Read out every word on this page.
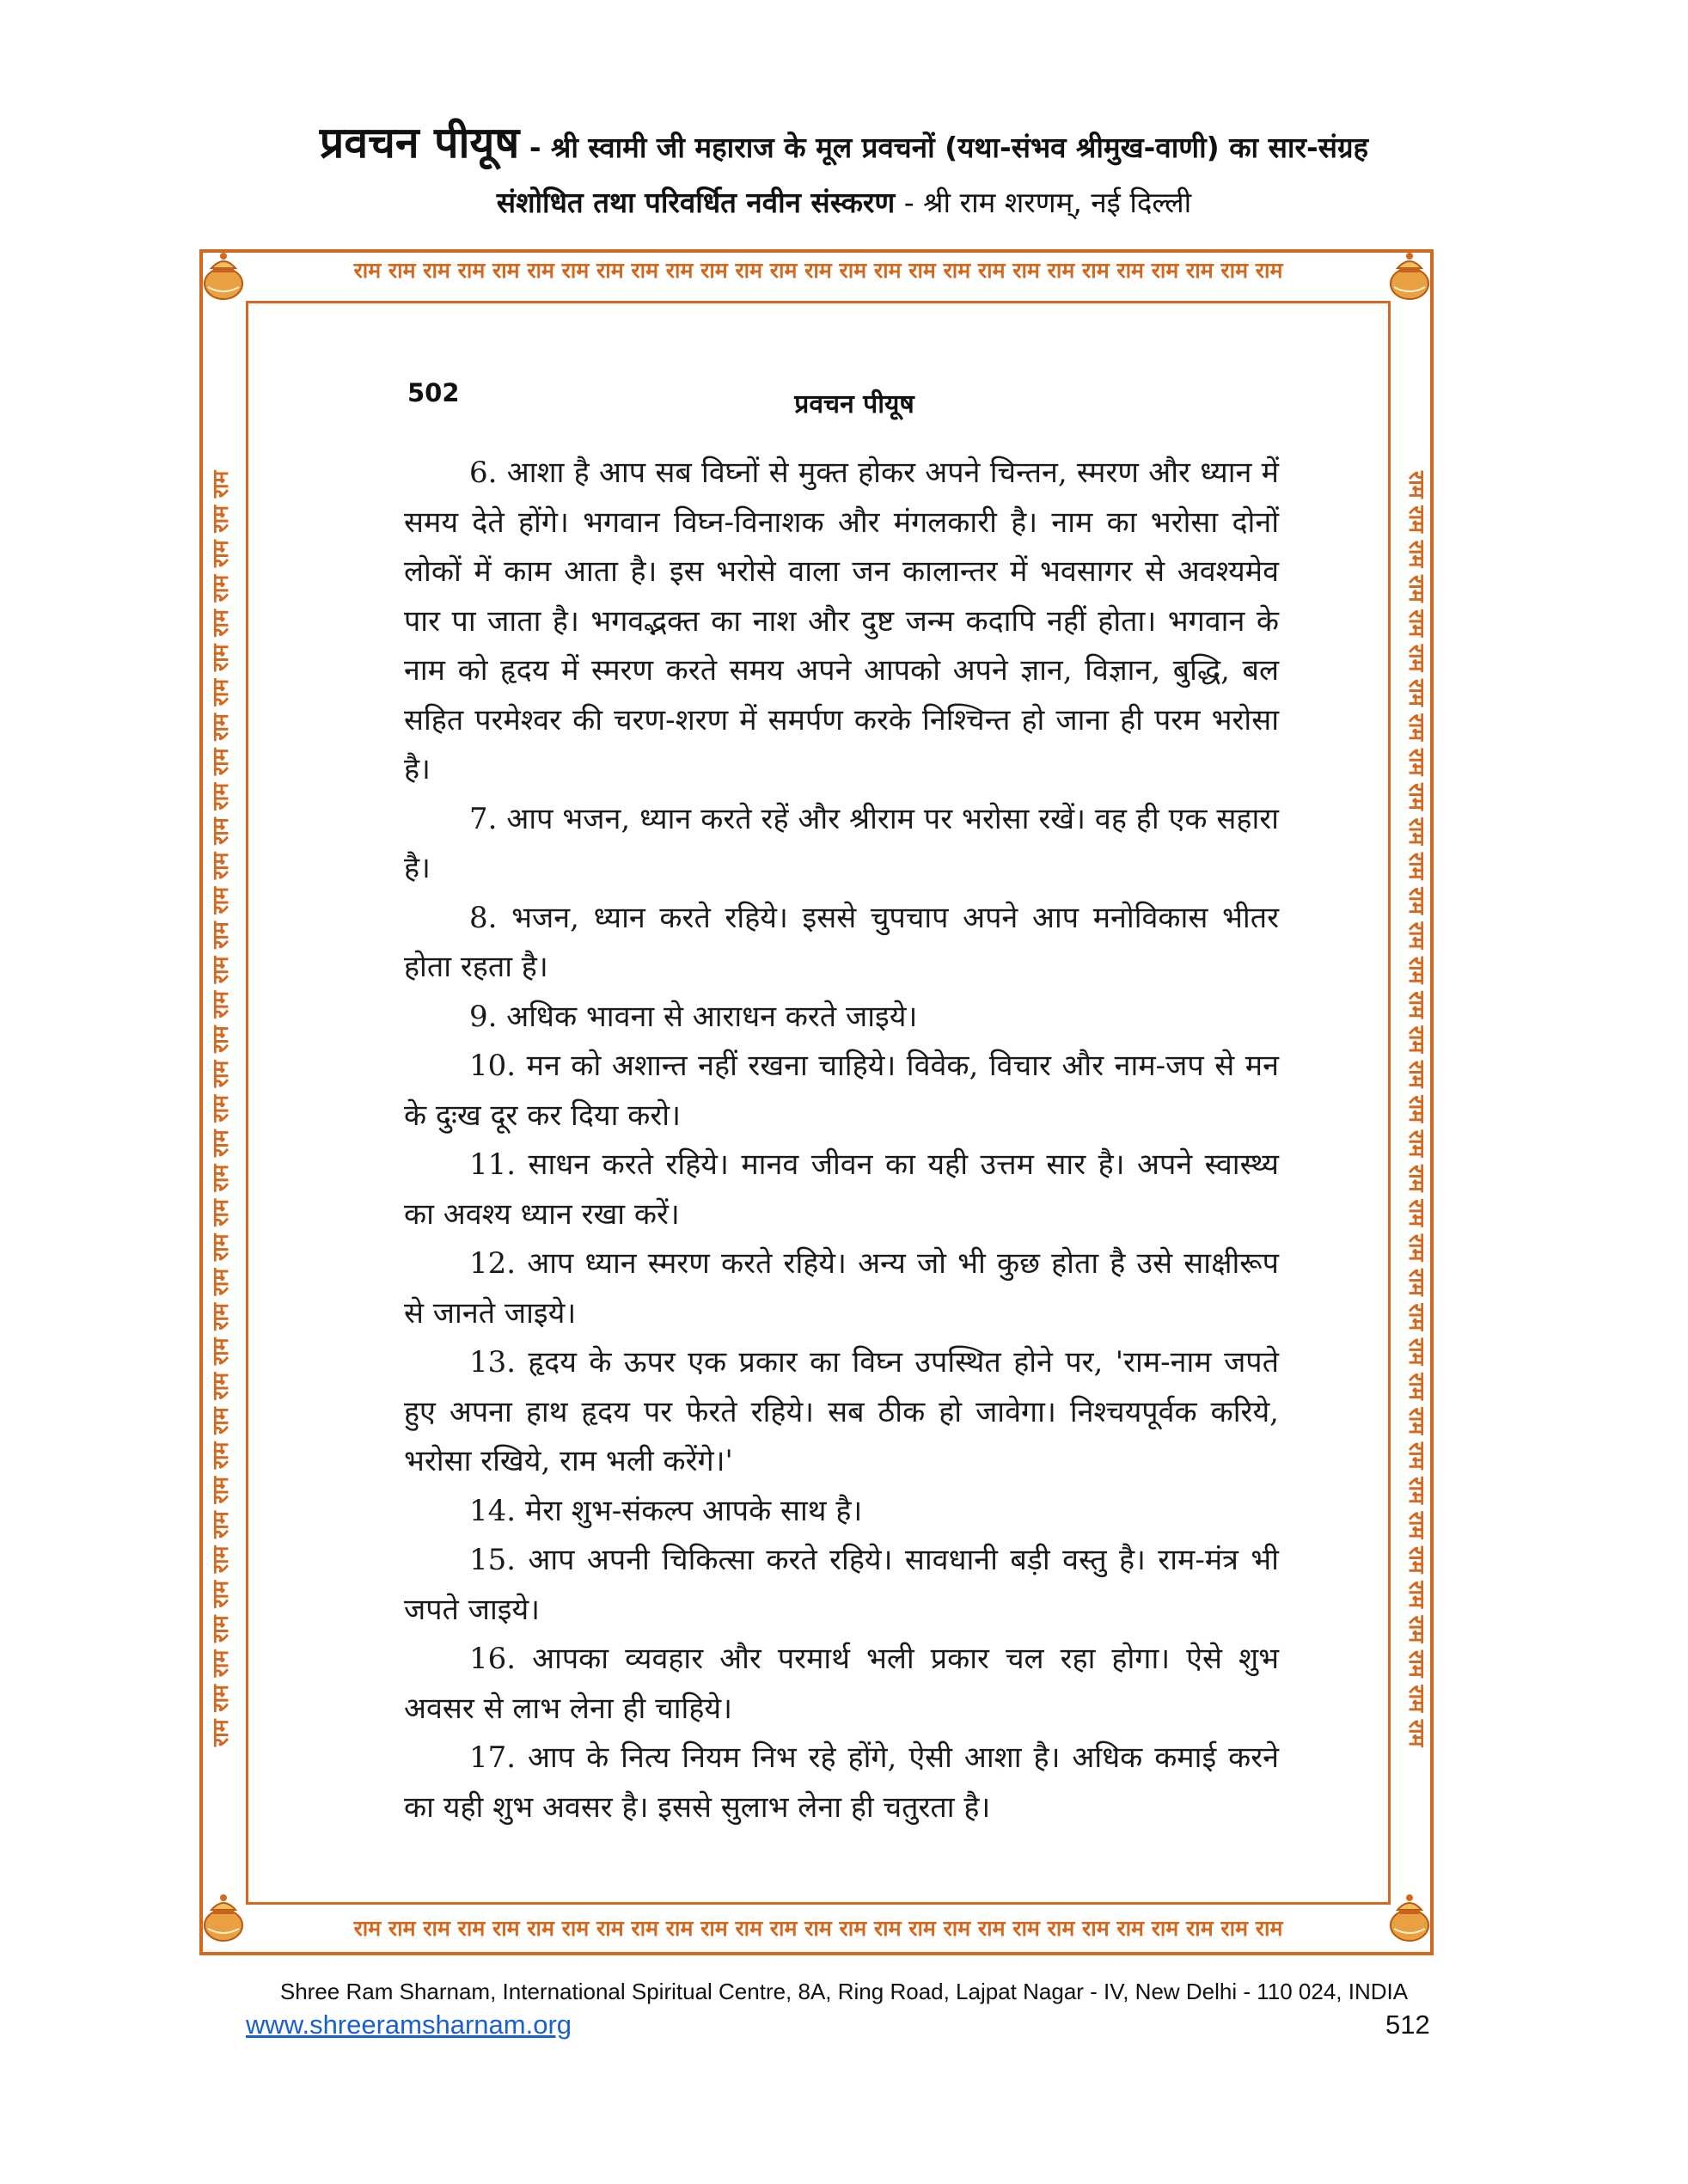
प्रवचन पीयूष - श्री स्वामी जी महाराज के मूल प्रवचनों (यथा-संभव श्रीमुख-वाणी) का सार-संग्रह
संशोधित तथा परिवर्धित नवीन संस्करण - श्री राम शरणम्, नई दिल्ली
राम राम राम राम राम राम राम राम राम राम राम राम राम राम राम राम राम राम राम राम राम राम राम राम राम राम राम
राम राम राम राम राम राम राम राम राम राम राम राम राम राम राम राम राम राम राम राम राम राम राम राम राम राम राम
राम राम राम राम राम राम राम राम राम राम राम राम राम राम राम राम राम राम राम राम राम राम राम राम राम राम राम राम राम राम राम राम राम राम राम राम राम	राम राम राम राम राम राम राम राम राम राम राम राम राम राम राम राम राम राम राम राम राम राम राम राम राम राम राम राम राम राम राम राम राम राम राम राम राम
502	प्रवचन पीयूष

6. आशा है आप सब विघ्नों से मुक्त होकर अपने चिन्तन, स्मरण और ध्यान में समय देते होंगे। भगवान विघ्न-विनाशक और मंगलकारी है। नाम का भरोसा दोनों लोकों में काम आता है। इस भरोसे वाला जन कालान्तर में भवसागर से अवश्यमेव पार पा जाता है। भगवद्भक्त का नाश और दुष्ट जन्म कदापि नहीं होता। भगवान के नाम को हृदय में स्मरण करते समय अपने आपको अपने ज्ञान, विज्ञान, बुद्धि, बल सहित परमेश्वर की चरण-शरण में समर्पण करके निश्चिन्त हो जाना ही परम भरोसा है।

7. आप भजन, ध्यान करते रहें और श्रीराम पर भरोसा रखें। वह ही एक सहारा है।

8. भजन, ध्यान करते रहिये। इससे चुपचाप अपने आप मनोविकास भीतर होता रहता है।

9. अधिक भावना से आराधन करते जाइये।

10. मन को अशान्त नहीं रखना चाहिये। विवेक, विचार और नाम-जप से मन के दुःख दूर कर दिया करो।

11. साधन करते रहिये। मानव जीवन का यही उत्तम सार है। अपने स्वास्थ्य का अवश्य ध्यान रखा करें।

12. आप ध्यान स्मरण करते रहिये। अन्य जो भी कुछ होता है उसे साक्षीरूप से जानते जाइये।

13. हृदय के ऊपर एक प्रकार का विघ्न उपस्थित होने पर, 'राम-नाम जपते हुए अपना हाथ हृदय पर फेरते रहिये। सब ठीक हो जावेगा। निश्चयपूर्वक करिये, भरोसा रखिये, राम भली करेंगे।'

14. मेरा शुभ-संकल्प आपके साथ है।

15. आप अपनी चिकित्सा करते रहिये। सावधानी बड़ी वस्तु है। राम-मंत्र भी जपते जाइये।

16. आपका व्यवहार और परमार्थ भली प्रकार चल रहा होगा। ऐसे शुभ अवसर से लाभ लेना ही चाहिये।

17. आप के नित्य नियम निभ रहे होंगे, ऐसी आशा है। अधिक कमाई करने का यही शुभ अवसर है। इससे सुलाभ लेना ही चतुरता है।

Shree Ram Sharnam, International Spiritual Centre, 8A, Ring Road, Lajpat Nagar - IV, New Delhi - 110 024, INDIA
www.shreeramsharnam.org	512
